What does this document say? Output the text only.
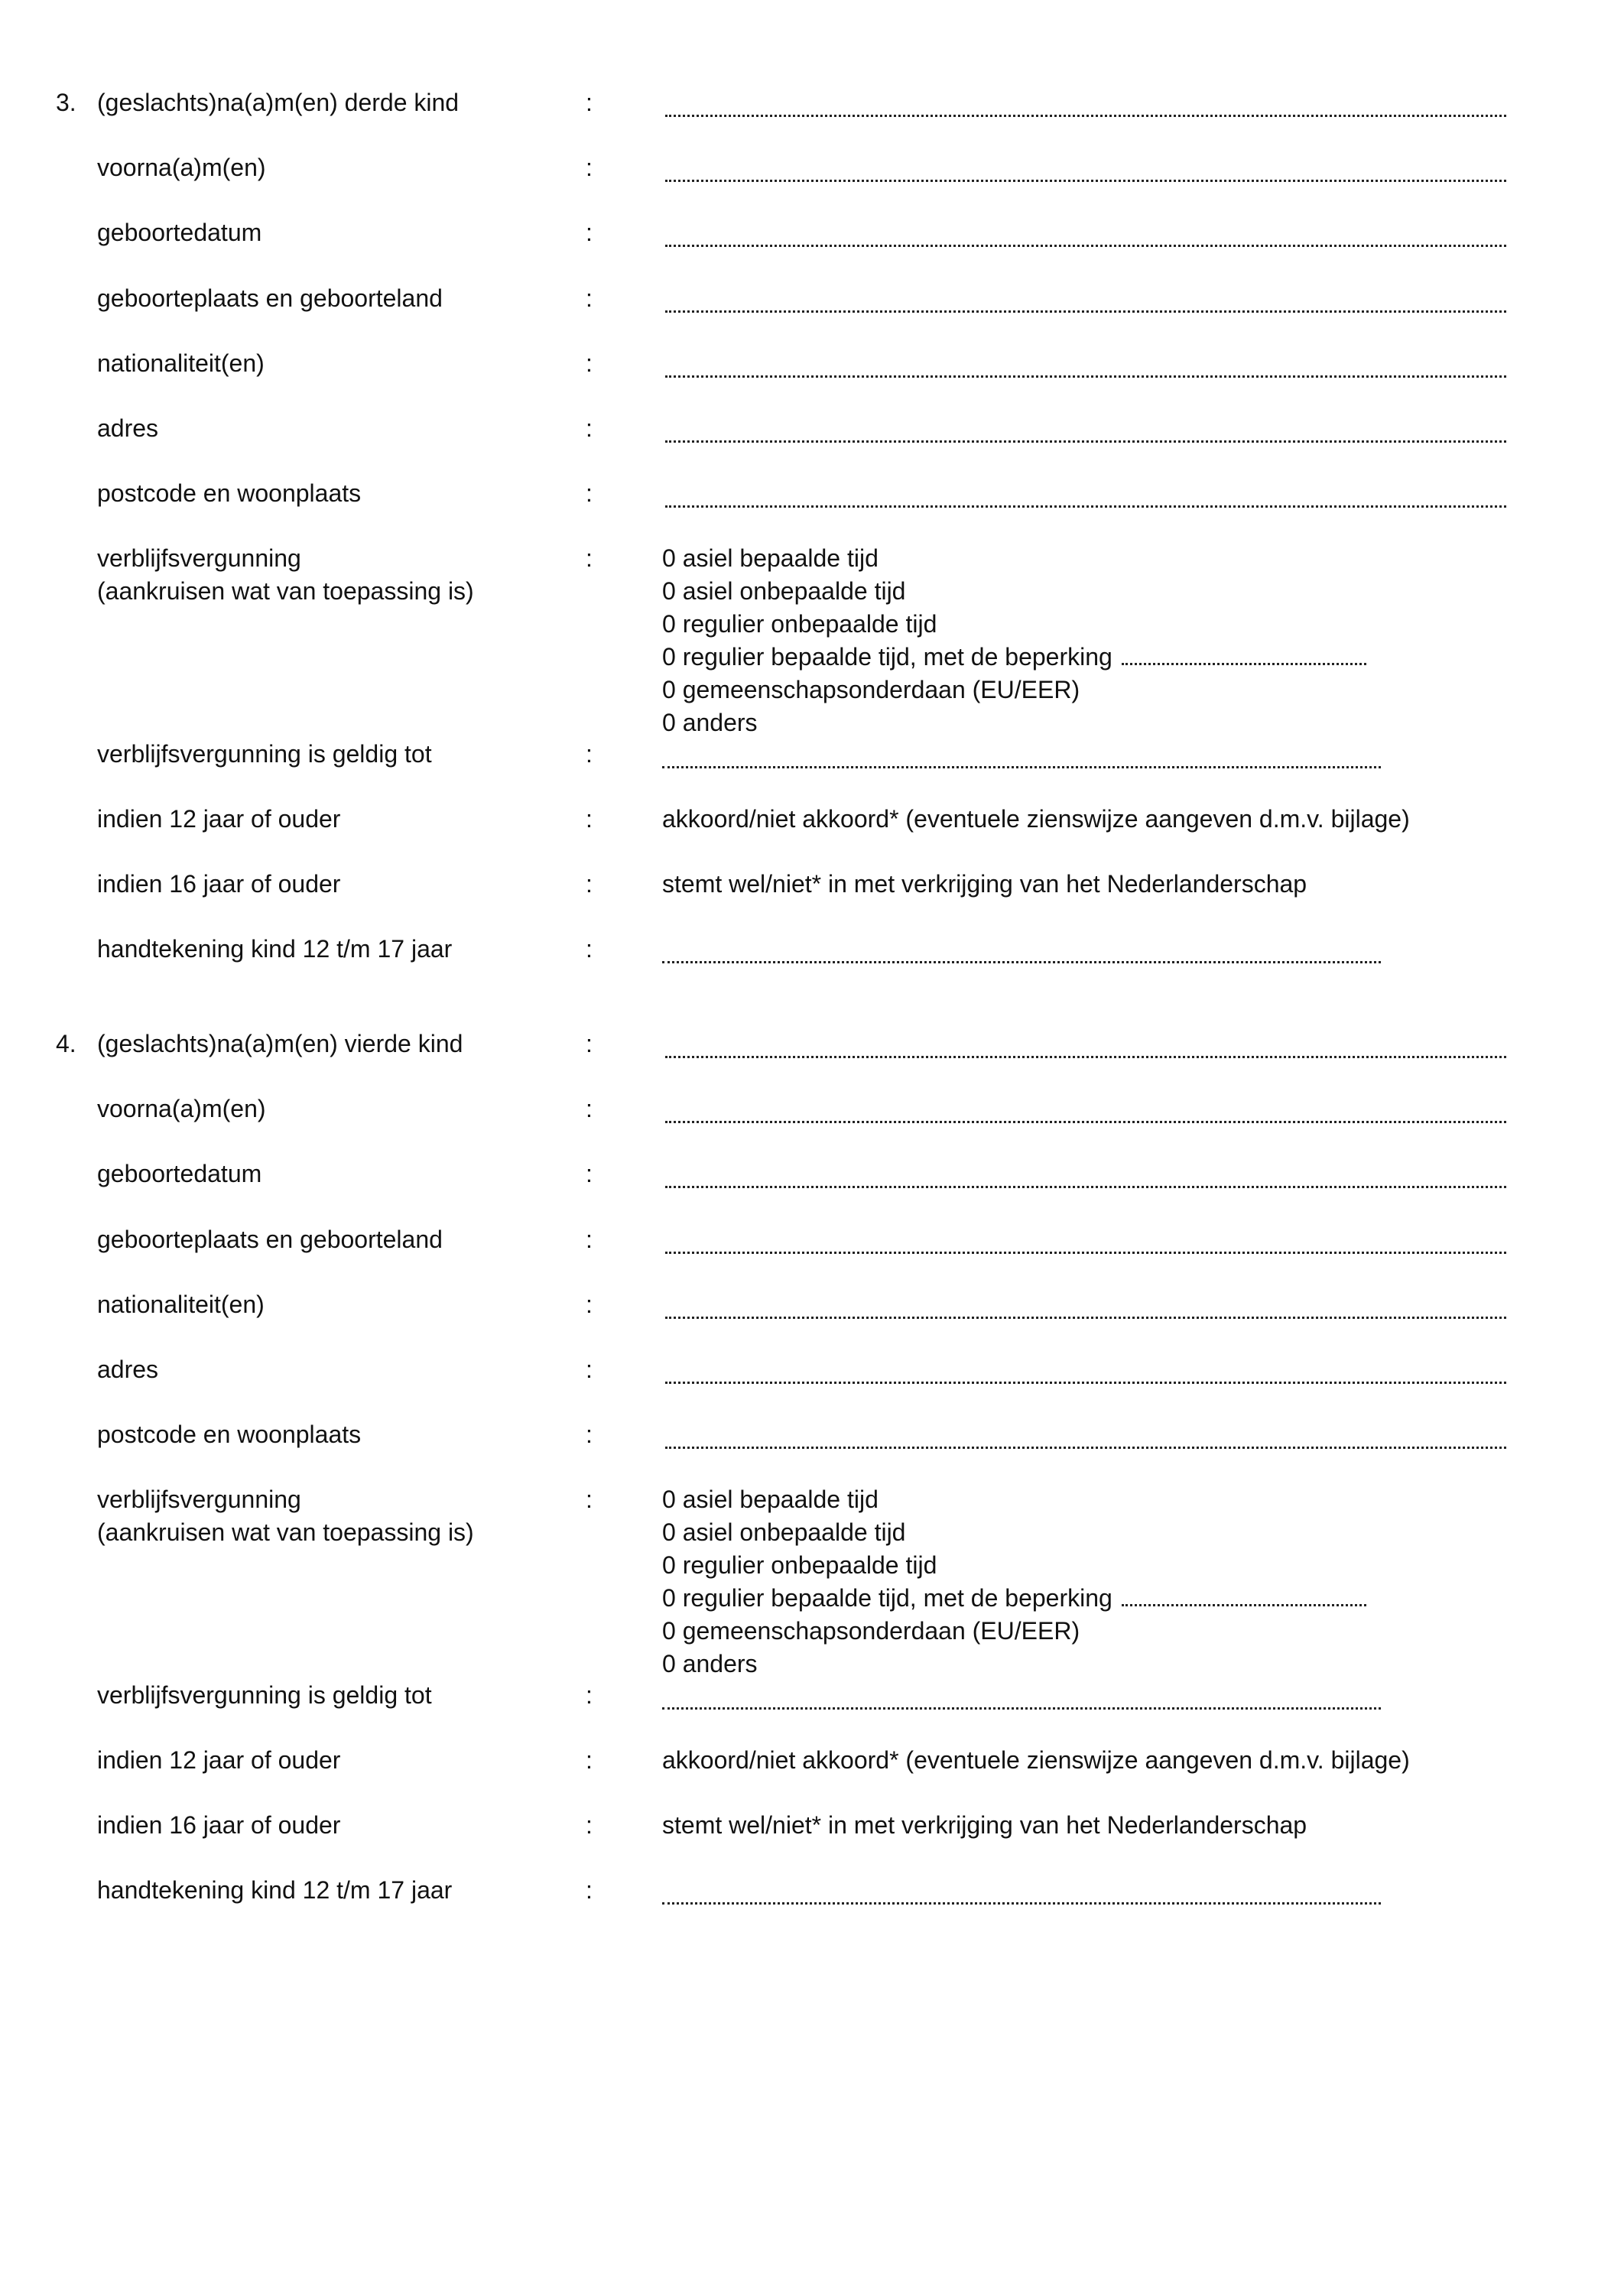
3. (geslachts)na(a)m(en) derde kind	:
voorna(a)m(en)	:
geboortedatum	:
geboorteplaats en geboorteland	:
nationaliteit(en)	:
adres	:
postcode en woonplaats	:
verblijfsvergunning
(aankruisen wat van toepassing is)
:	0 asiel bepaalde tijd
0 asiel onbepaalde tijd
0 regulier onbepaalde tijd
0 regulier bepaalde tijd, met de beperking
0 gemeenschapsonderdaan (EU/EER)
0 anders
verblijfsvergunning is geldig tot	:
indien 12 jaar of ouder	:	akkoord/niet akkoord* (eventuele zienswijze aangeven d.m.v. bijlage)
indien 16 jaar of ouder	:	stemt wel/niet* in met verkrijging van het Nederlanderschap
handtekening kind 12 t/m 17 jaar	:
4. (geslachts)na(a)m(en) vierde kind	:
voorna(a)m(en)	:
geboortedatum	:
geboorteplaats en geboorteland	:
nationaliteit(en)	:
adres	:
postcode en woonplaats	:
verblijfsvergunning
(aankruisen wat van toepassing is)
:	0 asiel bepaalde tijd
0 asiel onbepaalde tijd
0 regulier onbepaalde tijd
0 regulier bepaalde tijd, met de beperking
0 gemeenschapsonderdaan (EU/EER)
0 anders
verblijfsvergunning is geldig tot	:
indien 12 jaar of ouder	:	akkoord/niet akkoord* (eventuele zienswijze aangeven d.m.v. bijlage)
indien 16 jaar of ouder	:	stemt wel/niet* in met verkrijging van het Nederlanderschap
handtekening kind 12 t/m 17 jaar	:
